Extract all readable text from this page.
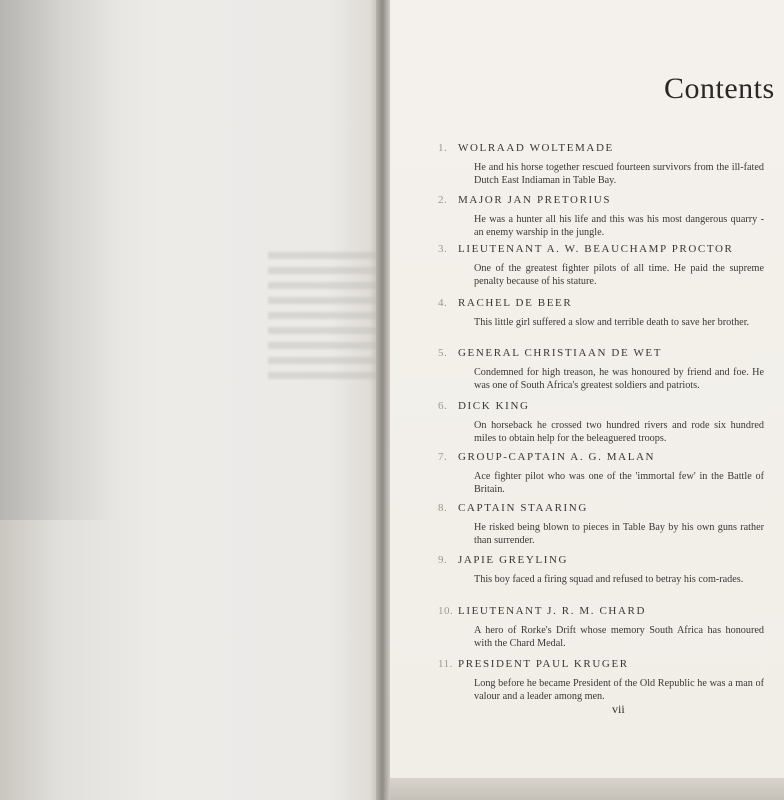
Contents
1. WOLRAAD WOLTEMADE
He and his horse together rescued fourteen survivors from the ill-fated Dutch East Indiaman in Table Bay.
2. MAJOR JAN PRETORIUS
He was a hunter all his life and this was his most dangerous quarry - an enemy warship in the jungle.
3. LIEUTENANT A. W. BEAUCHAMP PROCTOR
One of the greatest fighter pilots of all time. He paid the supreme penalty because of his stature.
4. RACHEL DE BEER
This little girl suffered a slow and terrible death to save her brother.
5. GENERAL CHRISTIAAN DE WET
Condemned for high treason, he was honoured by friend and foe. He was one of South Africa's greatest soldiers and patriots.
6. DICK KING
On horseback he crossed two hundred rivers and rode six hundred miles to obtain help for the beleaguered troops.
7. GROUP-CAPTAIN A. G. MALAN
Ace fighter pilot who was one of the 'immortal few' in the Battle of Britain.
8. CAPTAIN STAARING
He risked being blown to pieces in Table Bay by his own guns rather than surrender.
9. JAPIE GREYLING
This boy faced a firing squad and refused to betray his com-rades.
10. LIEUTENANT J. R. M. CHARD
A hero of Rorke's Drift whose memory South Africa has honoured with the Chard Medal.
11. PRESIDENT PAUL KRUGER
Long before he became President of the Old Republic he was a man of valour and a leader among men.
vii
